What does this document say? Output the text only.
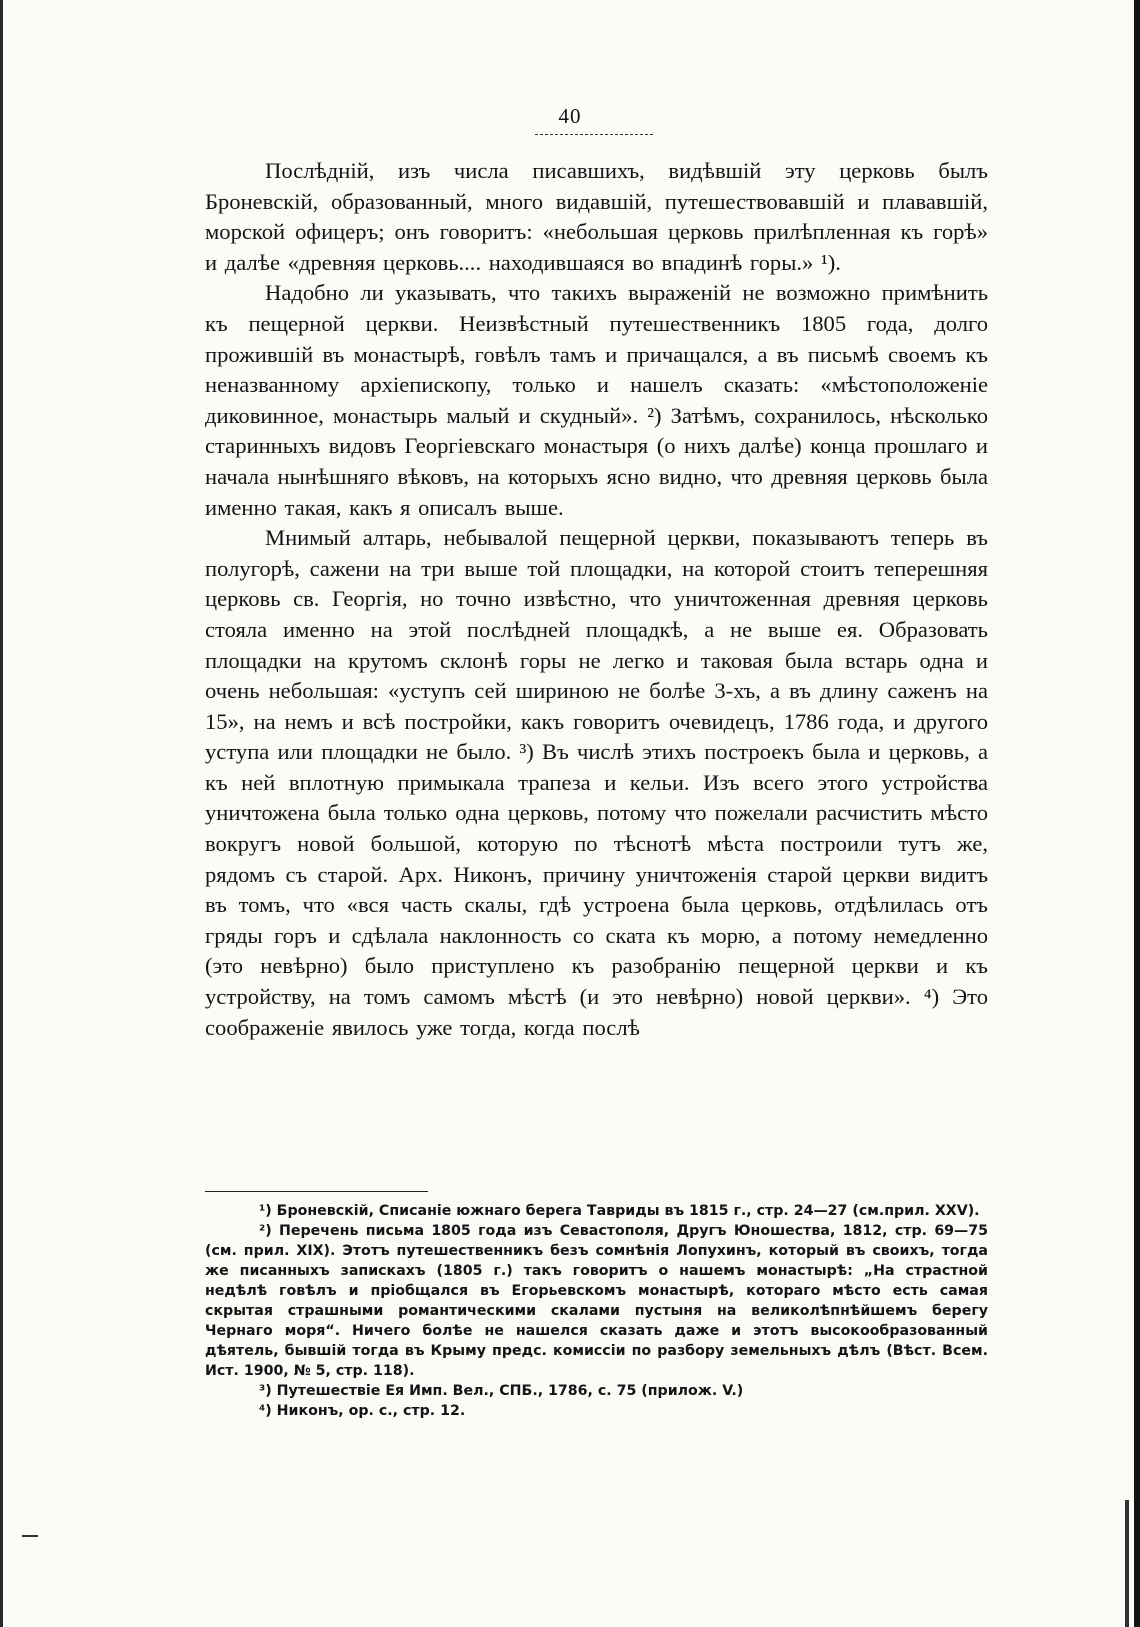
40

Послѣдній, изъ числа писавшихъ, видѣвшій эту церковь былъ Броневскій, образованный, много видавшій, путешествовавшій и плававшій, морской офицеръ; онъ говоритъ: «небольшая церковь прилѣпленная къ горѣ» и далѣе «древняя церковь.... находившаяся во впадинѣ горы.» ¹).

Надобно ли указывать, что такихъ выраженій не возможно примѣнить къ пещерной церкви. Неизвѣстный путешественникъ 1805 года, долго прожившій въ монастырѣ, говѣлъ тамъ и причащался, а въ письмѣ своемъ къ неназванному архіепископу, только и нашелъ сказать: «мѣстоположеніе диковинное, монастырь малый и скудный». ²) Затѣмъ, сохранилось, нѣсколько старинныхъ видовъ Георгіевскаго монастыря (о нихъ далѣе) конца прошлаго и начала нынѣшняго вѣковъ, на которыхъ ясно видно, что древняя церковь была именно такая, какъ я описалъ выше.

Мнимый алтарь, небывалой пещерной церкви, показываютъ теперь въ полугорѣ, сажени на три выше той площадки, на которой стоитъ теперешняя церковь св. Георгія, но точно извѣстно, что уничтоженная древняя церковь стояла именно на этой послѣдней площадкѣ, а не выше ея. Образовать площадки на крутомъ склонѣ горы не легко и таковая была встарь одна и очень небольшая: «уступъ сей шириною не болѣе 3-хъ, а въ длину саженъ на 15», на немъ и всѣ постройки, какъ говоритъ очевидецъ, 1786 года, и другого уступа или площадки не было. ³) Въ числѣ этихъ построекъ была и церковь, а къ ней вплотную примыкала трапеза и кельи. Изъ всего этого устройства уничтожена была только одна церковь, потому что пожелали расчистить мѣсто вокругъ новой большой, которую по тѣснотѣ мѣста построили тутъ же, рядомъ съ старой. Арх. Никонъ, причину уничтоженія старой церкви видитъ въ томъ, что «вся часть скалы, гдѣ устроена была церковь, отдѣлилась отъ гряды горъ и сдѣлала наклонность со ската къ морю, а потому немедленно (это невѣрно) было приступлено къ разобранію пещерной церкви и къ устройству, на томъ самомъ мѣстѣ (и это невѣрно) новой церкви». ⁴) Это соображеніе явилось уже тогда, когда послѣ

¹) Броневскій, Списаніе южнаго берега Тавриды въ 1815 г., стр. 24—27 (см.прил. XXV).

²) Перечень письма 1805 года изъ Севастополя, Другъ Юношества, 1812, стр. 69—75 (см. прил. XIX). Этотъ путешественникъ безъ сомнѣнія Лопухинъ, который въ своихъ, тогда же писанныхъ запискахъ (1805 г.) такъ говоритъ о нашемъ монастырѣ: „На страстной недѣлѣ говѣлъ и пріобщался въ Егорьевскомъ монастырѣ, котораго мѣсто есть самая скрытая страшными романтическими скалами пустыня на великолѣпнѣйшемъ берегу Чернаго моря“. Ничего болѣе не нашелся сказать даже и этотъ высокообразованный дѣятель, бывшій тогда въ Крыму предс. комиссіи по разбору земельныхъ дѣлъ (Вѣст. Всем. Ист. 1900, № 5, стр. 118).

³) Путешествіе Ея Имп. Вел., СПБ., 1786, с. 75 (прилож. V.)

⁴) Никонъ, ор. с., стр. 12.
